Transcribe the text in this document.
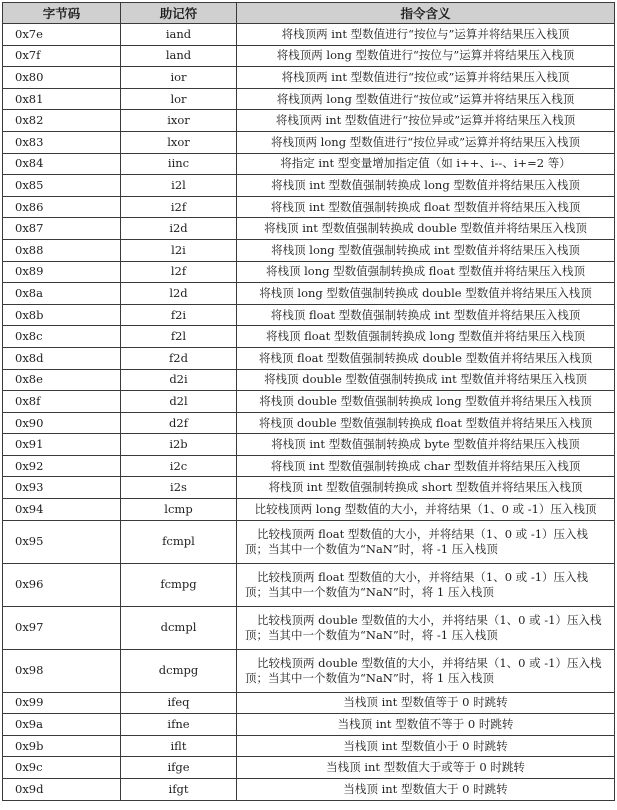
字节码	助记符	指令含义
0x7e	iand	将栈顶两 int 型数值进行“按位与”运算并将结果压入栈顶
0x7f	land	将栈顶两 long 型数值进行“按位与”运算并将结果压入栈顶
0x80	ior	将栈顶两 int 型数值进行“按位或”运算并将结果压入栈顶
0x81	lor	将栈顶两 long 型数值进行“按位或”运算并将结果压入栈顶
0x82	ixor	将栈顶两 int 型数值进行“按位异或”运算并将结果压入栈顶
0x83	lxor	将栈顶两 long 型数值进行“按位异或”运算并将结果压入栈顶
0x84	iinc	将指定 int 型变量增加指定值（如 i++、i--、i+=2 等）
0x85	i2l	将栈顶 int 型数值强制转换成 long 型数值并将结果压入栈顶
0x86	i2f	将栈顶 int 型数值强制转换成 float 型数值并将结果压入栈顶
0x87	i2d	将栈顶 int 型数值强制转换成 double 型数值并将结果压入栈顶
0x88	l2i	将栈顶 long 型数值强制转换成 int 型数值并将结果压入栈顶
0x89	l2f	将栈顶 long 型数值强制转换成 float 型数值并将结果压入栈顶
0x8a	l2d	将栈顶 long 型数值强制转换成 double 型数值并将结果压入栈顶
0x8b	f2i	将栈顶 float 型数值强制转换成 int 型数值并将结果压入栈顶
0x8c	f2l	将栈顶 float 型数值强制转换成 long 型数值并将结果压入栈顶
0x8d	f2d	将栈顶 float 型数值强制转换成 double 型数值并将结果压入栈顶
0x8e	d2i	将栈顶 double 型数值强制转换成 int 型数值并将结果压入栈顶
0x8f	d2l	将栈顶 double 型数值强制转换成 long 型数值并将结果压入栈顶
0x90	d2f	将栈顶 double 型数值强制转换成 float 型数值并将结果压入栈顶
0x91	i2b	将栈顶 int 型数值强制转换成 byte 型数值并将结果压入栈顶
0x92	i2c	将栈顶 int 型数值强制转换成 char 型数值并将结果压入栈顶
0x93	i2s	将栈顶 int 型数值强制转换成 short 型数值并将结果压入栈顶
0x94	lcmp	比较栈顶两 long 型数值的大小，并将结果（1、0 或 -1）压入栈顶
0x95	fcmpl	比较栈顶两 float 型数值的大小，并将结果（1、0 或 -1）压入栈顶；当其中一个数值为“NaN”时，将 -1 压入栈顶
0x96	fcmpg	比较栈顶两 float 型数值的大小，并将结果（1、0 或 -1）压入栈顶；当其中一个数值为“NaN”时，将 1 压入栈顶
0x97	dcmpl	比较栈顶两 double 型数值的大小，并将结果（1、0 或 -1）压入栈顶；当其中一个数值为“NaN”时，将 -1 压入栈顶
0x98	dcmpg	比较栈顶两 double 型数值的大小，并将结果（1、0 或 -1）压入栈顶；当其中一个数值为“NaN”时，将 1 压入栈顶
0x99	ifeq	当栈顶 int 型数值等于 0 时跳转
0x9a	ifne	当栈顶 int 型数值不等于 0 时跳转
0x9b	iflt	当栈顶 int 型数值小于 0 时跳转
0x9c	ifge	当栈顶 int 型数值大于或等于 0 时跳转
0x9d	ifgt	当栈顶 int 型数值大于 0 时跳转
